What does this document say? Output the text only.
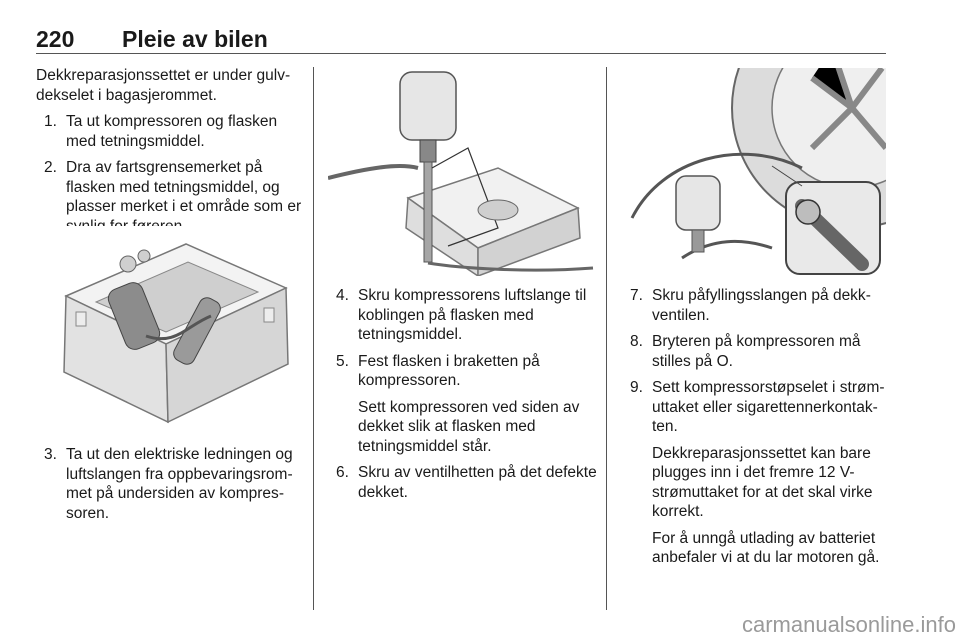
220 Pleie av bilen

Dekkreparasjonssettet er under gulvdekselet i bagasjerommet.

1. Ta ut kompressoren og flasken med tetningsmiddel.
2. Dra av fartsgrensemerket på flasken med tetningsmiddel, og plasser merket i et område som er
3. Ta ut den elektriske ledningen og luftslangen fra oppbevaringsrommet på undersiden av kompressoren.
4. Skru kompressorens luftslange til koblingen på flasken med tetningsmiddel.
5. Fest flasken i braketten på kompressoren.
Sett kompressoren ved siden av dekket slik at flasken med tetningsmiddel står.
6. Skru av ventilhetten på det defekte dekket.
7. Skru påfyllingsslangen på dekkventilen.
8. Bryteren på kompressoren må stilles på O.
9. Sett kompressorstøpselet i strømuttaket eller sigarettennerkontakten.
Dekkreparasjonssettet kan bare plugges inn i det fremre 12 V-strømuttaket for at det skal virke korrekt.
For å unngå utlading av batteriet anbefaler vi at du lar motoren gå.
carmanualsonline.info
